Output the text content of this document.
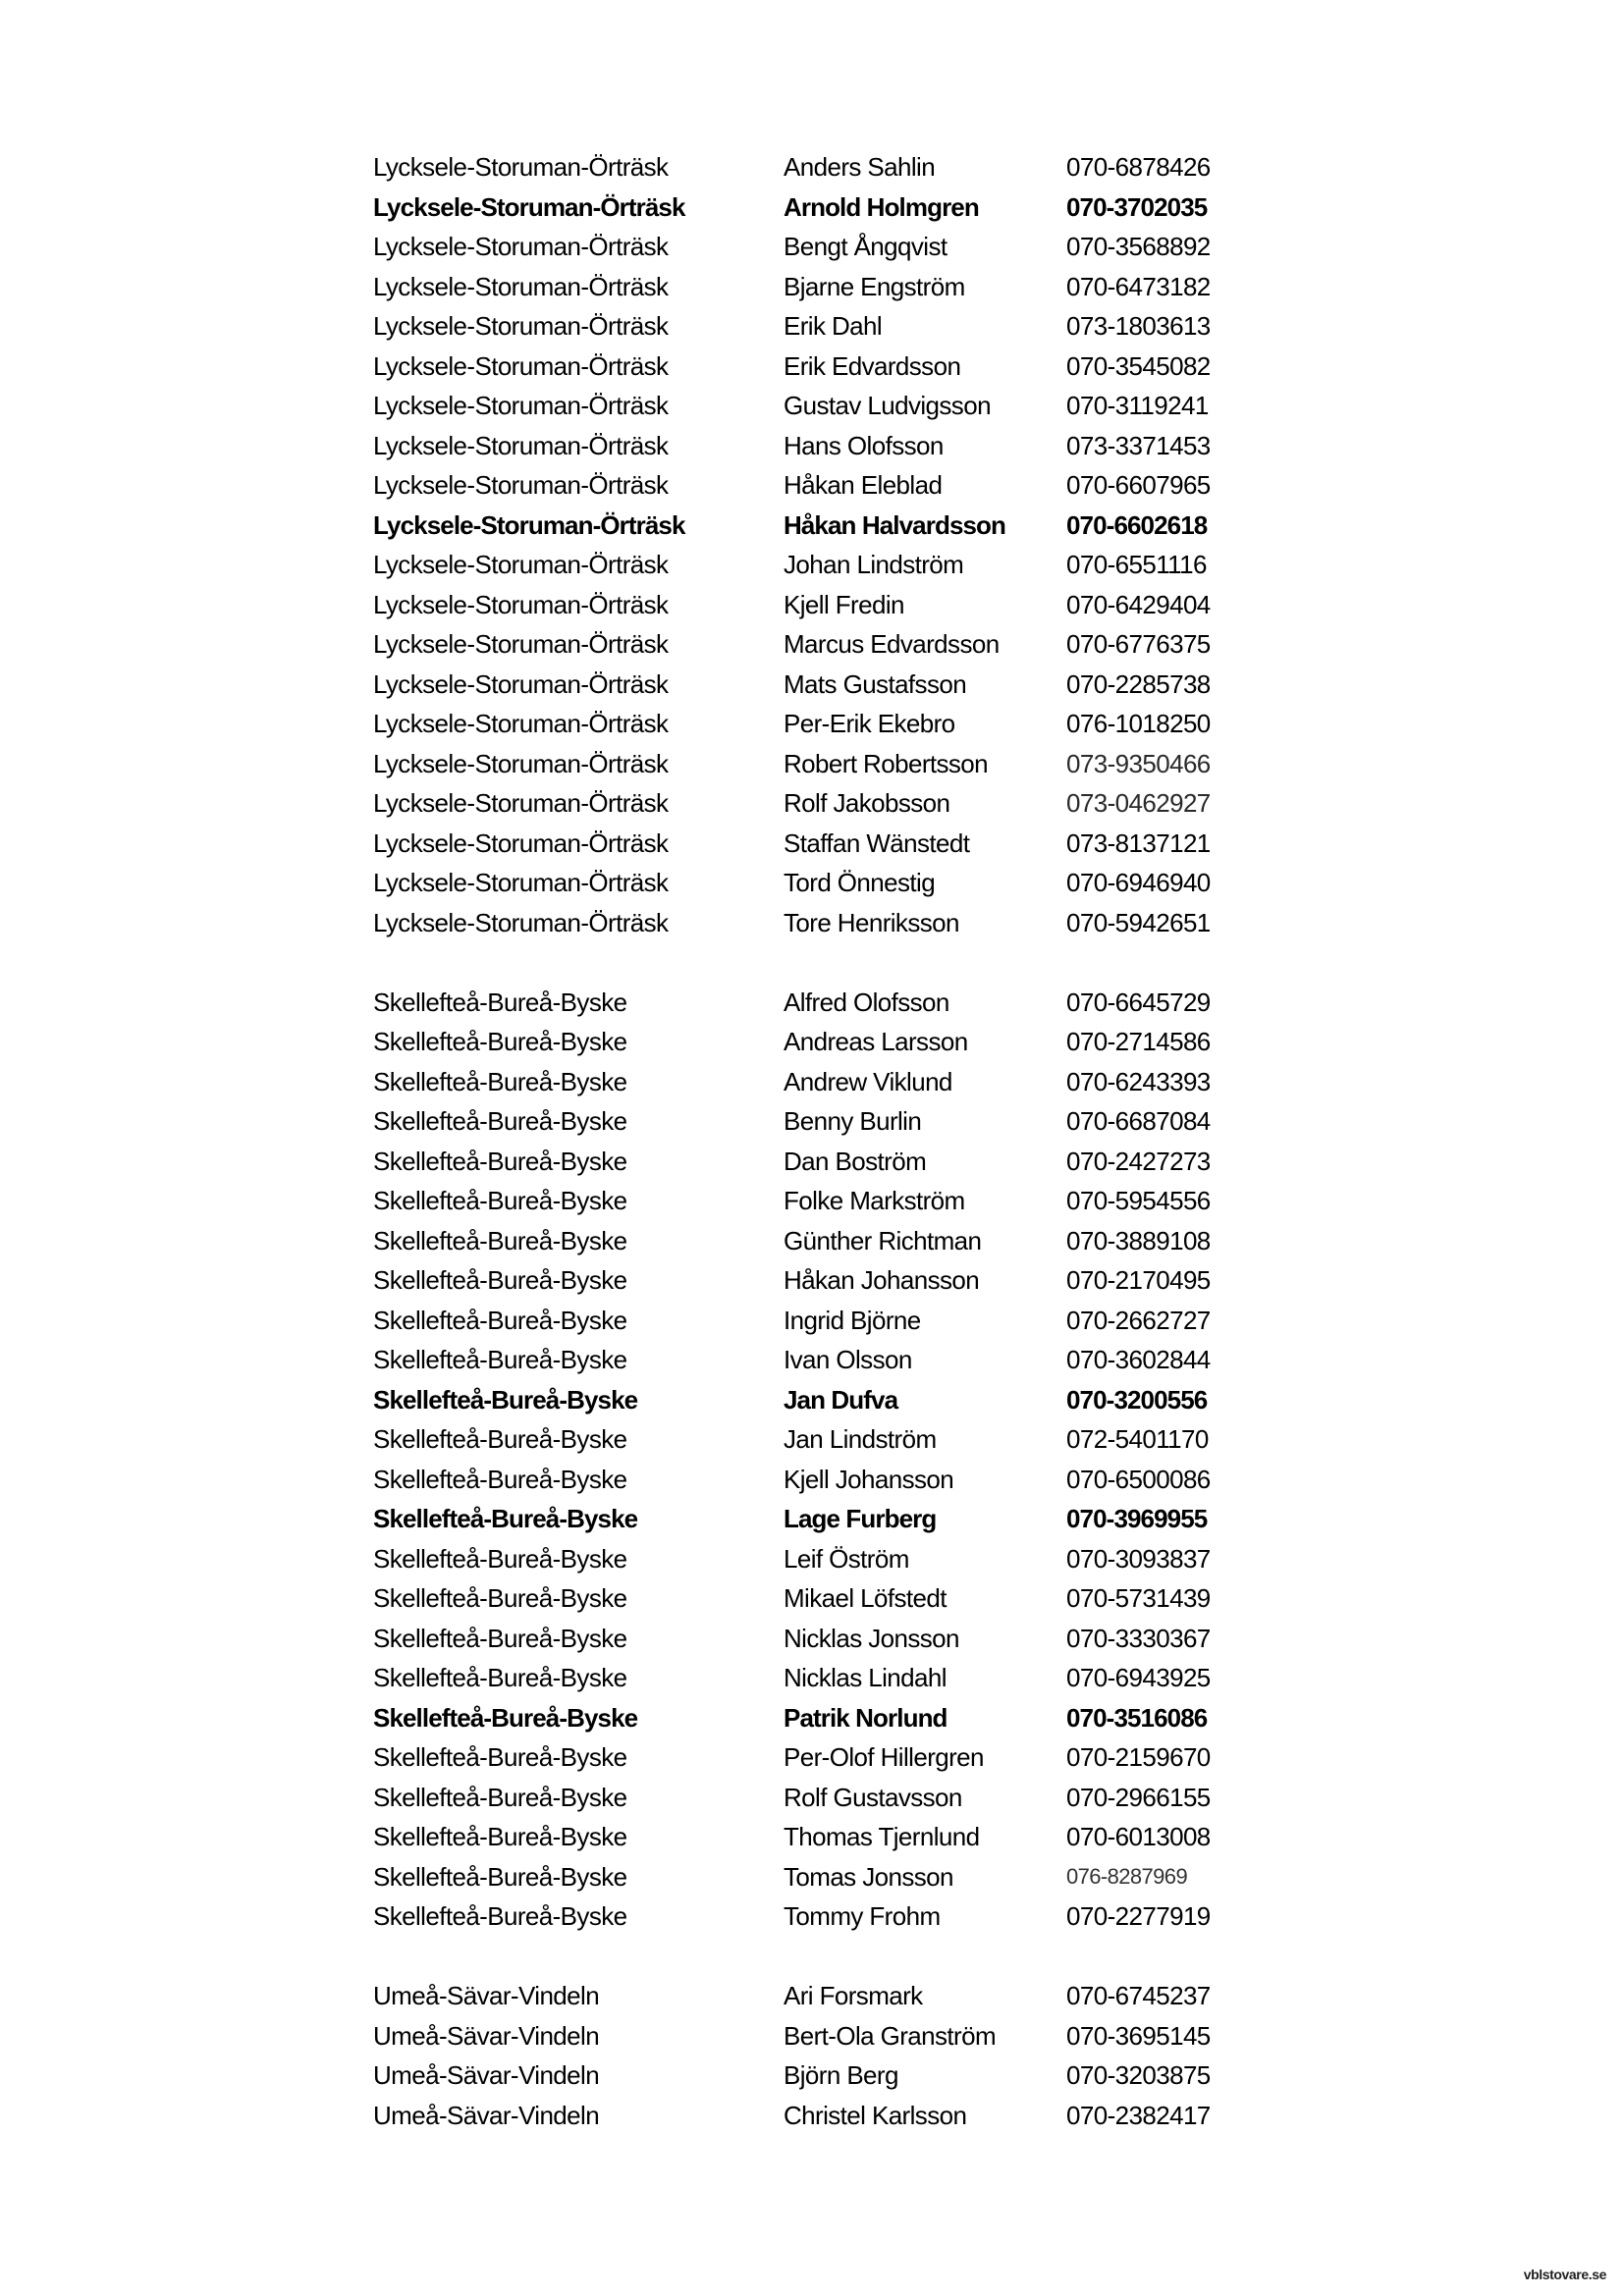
Lycksele-Storuman-Örträsk	Anders Sahlin	070-6878426
Lycksele-Storuman-Örträsk	Arnold Holmgren	070-3702035
Lycksele-Storuman-Örträsk	Bengt Ångqvist	070-3568892
Lycksele-Storuman-Örträsk	Bjarne Engström	070-6473182
Lycksele-Storuman-Örträsk	Erik Dahl	073-1803613
Lycksele-Storuman-Örträsk	Erik Edvardsson	070-3545082
Lycksele-Storuman-Örträsk	Gustav Ludvigsson	070-3119241
Lycksele-Storuman-Örträsk	Hans Olofsson	073-3371453
Lycksele-Storuman-Örträsk	Håkan Eleblad	070-6607965
Lycksele-Storuman-Örträsk	Håkan Halvardsson 070-6602618
Lycksele-Storuman-Örträsk	Johan Lindström	070-6551116
Lycksele-Storuman-Örträsk	Kjell Fredin	070-6429404
Lycksele-Storuman-Örträsk	Marcus Edvardsson	070-6776375
Lycksele-Storuman-Örträsk	Mats Gustafsson	070-2285738
Lycksele-Storuman-Örträsk	Per-Erik Ekebro	076-1018250
Lycksele-Storuman-Örträsk	Robert Robertsson	073-9350466
Lycksele-Storuman-Örträsk	Rolf Jakobsson	073-0462927
Lycksele-Storuman-Örträsk	Staffan Wänstedt	073-8137121
Lycksele-Storuman-Örträsk	Tord Önnestig	070-6946940
Lycksele-Storuman-Örträsk	Tore Henriksson	070-5942651
Skellefteå-Bureå-Byske	Alfred Olofsson	070-6645729
Skellefteå-Bureå-Byske	Andreas Larsson	070-2714586
Skellefteå-Bureå-Byske	Andrew Viklund	070-6243393
Skellefteå-Bureå-Byske	Benny Burlin	070-6687084
Skellefteå-Bureå-Byske	Dan Boström	070-2427273
Skellefteå-Bureå-Byske	Folke Markström	070-5954556
Skellefteå-Bureå-Byske	Günther Richtman	070-3889108
Skellefteå-Bureå-Byske	Håkan Johansson	070-2170495
Skellefteå-Bureå-Byske	Ingrid Björne	070-2662727
Skellefteå-Bureå-Byske	Ivan Olsson	070-3602844
Skellefteå-Bureå-Byske	Jan Dufva	070-3200556
Skellefteå-Bureå-Byske	Jan Lindström	072-5401170
Skellefteå-Bureå-Byske	Kjell Johansson	070-6500086
Skellefteå-Bureå-Byske	Lage Furberg	070-3969955
Skellefteå-Bureå-Byske	Leif Öström	070-3093837
Skellefteå-Bureå-Byske	Mikael Löfstedt	070-5731439
Skellefteå-Bureå-Byske	Nicklas Jonsson	070-3330367
Skellefteå-Bureå-Byske	Nicklas Lindahl	070-6943925
Skellefteå-Bureå-Byske	Patrik Norlund	070-3516086
Skellefteå-Bureå-Byske	Per-Olof Hillergren	070-2159670
Skellefteå-Bureå-Byske	Rolf Gustavsson	070-2966155
Skellefteå-Bureå-Byske	Thomas Tjernlund	070-6013008
Skellefteå-Bureå-Byske	Tomas Jonsson	076-8287969
Skellefteå-Bureå-Byske	Tommy Frohm	070-2277919
Umeå-Sävar-Vindeln	Ari Forsmark	070-6745237
Umeå-Sävar-Vindeln	Bert-Ola Granström	070-3695145
Umeå-Sävar-Vindeln	Björn Berg	070-3203875
Umeå-Sävar-Vindeln	Christel Karlsson	070-2382417
vblstovare.se
